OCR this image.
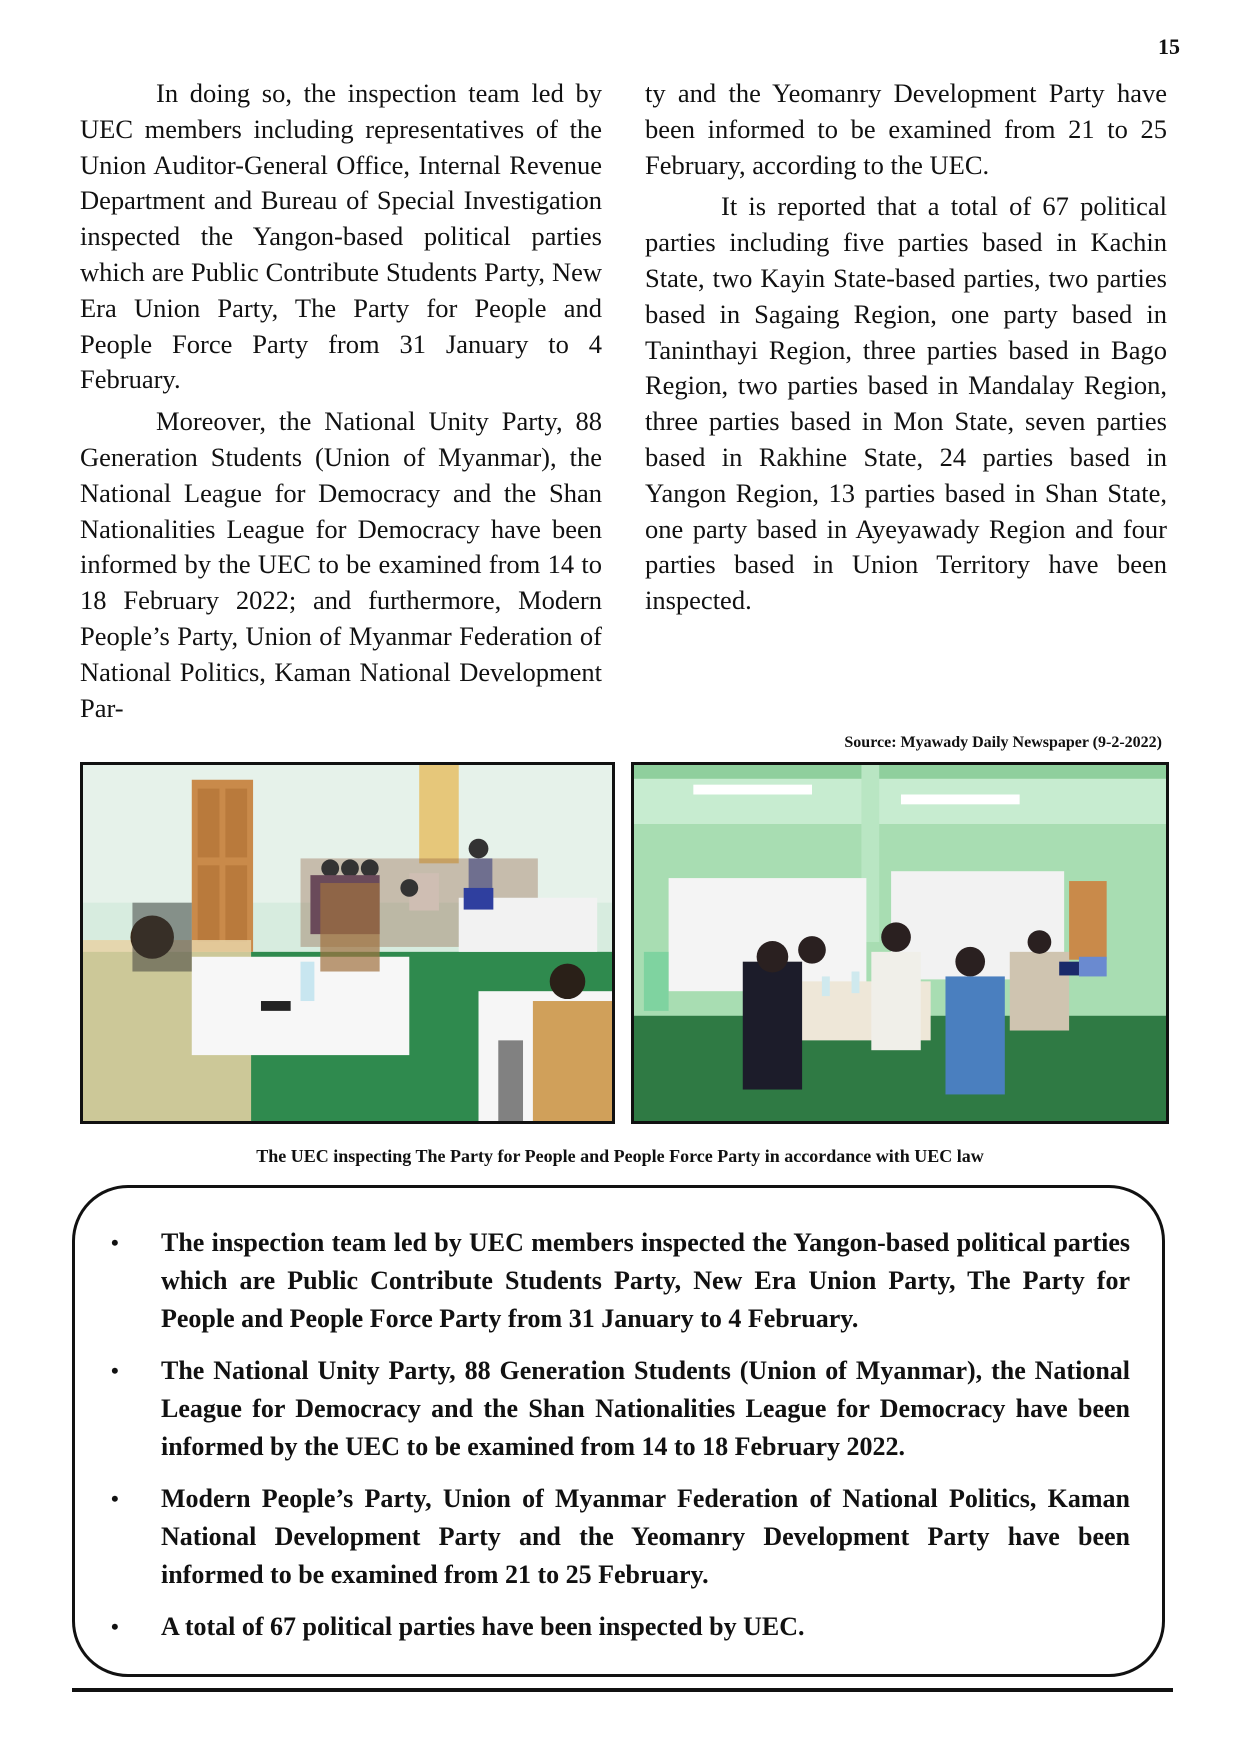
15

In doing so, the inspection team led by UEC members including representatives of the Union Auditor-General Office, Internal Revenue Department and Bureau of Special Investigation inspected the Yangon-based political parties which are Public Contribute Students Party, New Era Union Party, The Party for People and People Force Party from 31 January to 4 February.

Moreover, the National Unity Party, 88 Generation Students (Union of Myanmar), the National League for Democracy and the Shan Nationalities League for Democracy have been informed by the UEC to be examined from 14 to 18 February 2022; and furthermore, Modern People’s Party, Union of Myanmar Federation of National Politics, Kaman National Development Par-

ty and the Yeomanry Development Party have been informed to be examined from 21 to 25 February, according to the UEC.

It is reported that a total of 67 political parties including five parties based in Kachin State, two Kayin State-based parties, two parties based in Sagaing Region, one party based in Taninthayi Region, three parties based in Bago Region, two parties based in Mandalay Region, three parties based in Mon State, seven parties based in Rakhine State, 24 parties based in Yangon Region, 13 parties based in Shan State, one party based in Ayeyawady Region and four parties based in Union Territory have been inspected.

Source: Myawady Daily Newspaper (9-2-2022)
The UEC inspecting The Party for People and People Force Party in accordance with UEC law
• The inspection team led by UEC members inspected the Yangon-based political parties which are Public Contribute Students Party, New Era Union Party, The Party for People and People Force Party from 31 January to 4 February.
• The National Unity Party, 88 Generation Students (Union of Myanmar), the National League for Democracy and the Shan Nationalities League for Democracy have been informed by the UEC to be examined from 14 to 18 February 2022.
• Modern People’s Party, Union of Myanmar Federation of National Politics, Kaman National Development Party and the Yeomanry Development Party have been informed to be examined from 21 to 25 February.
• A total of 67 political parties have been inspected by UEC.
